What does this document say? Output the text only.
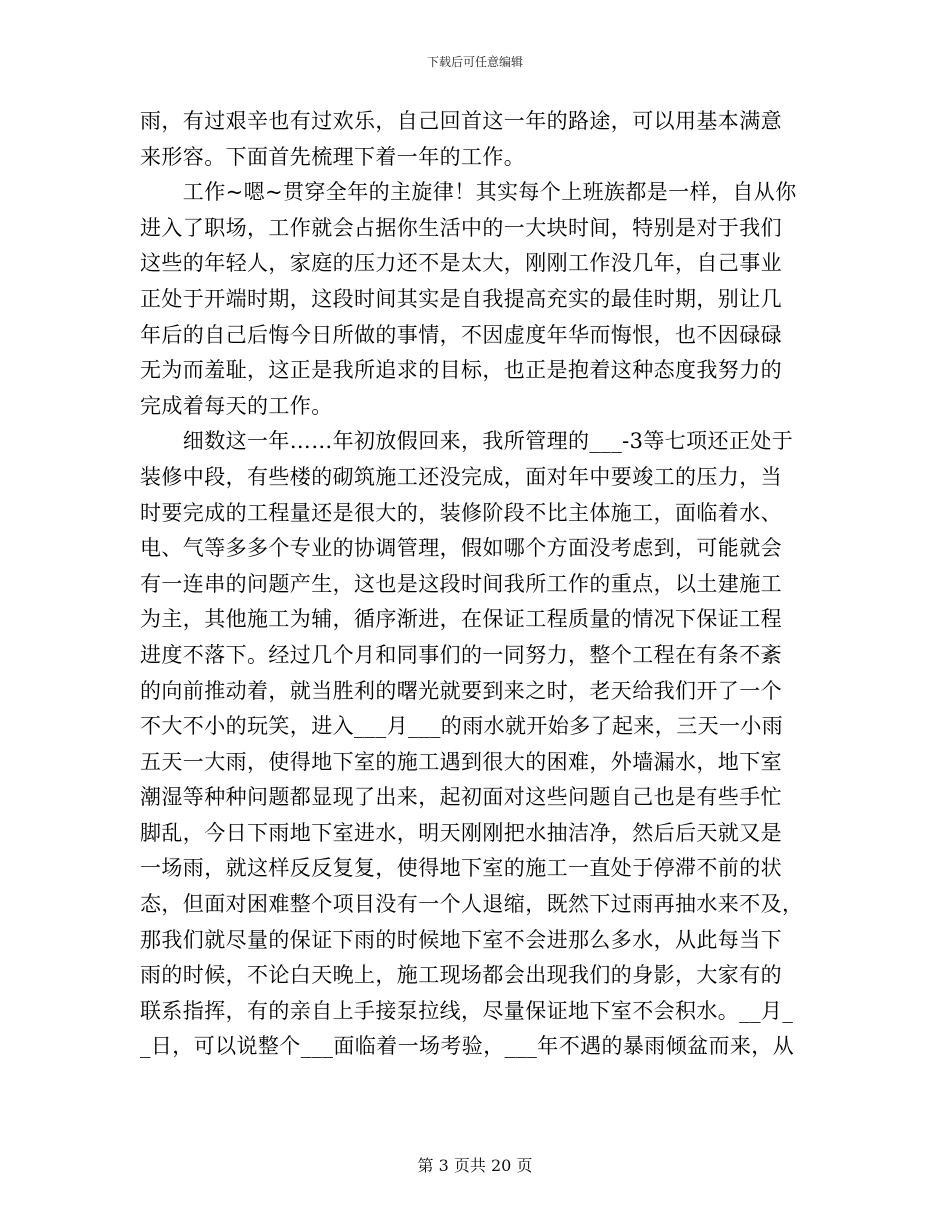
下载后可任意编辑
雨，有过艰辛也有过欢乐，自己回首这一年的路途，可以用基本满意
来形容。下面首先梳理下着一年的工作。
　　工作~嗯~贯穿全年的主旋律！其实每个上班族都是一样，自从你
进入了职场，工作就会占据你生活中的一大块时间，特别是对于我们
这些的年轻人，家庭的压力还不是太大，刚刚工作没几年，自己事业
正处于开端时期，这段时间其实是自我提高充实的最佳时期，别让几
年后的自己后悔今日所做的事情，不因虚度年华而悔恨，也不因碌碌
无为而羞耻，这正是我所追求的目标，也正是抱着这种态度我努力的
完成着每天的工作。
　　细数这一年……年初放假回来，我所管理的___-3等七项还正处于
装修中段，有些楼的砌筑施工还没完成，面对年中要竣工的压力，当
时要完成的工程量还是很大的，装修阶段不比主体施工，面临着水、
电、气等多多个专业的协调管理，假如哪个方面没考虑到，可能就会
有一连串的问题产生，这也是这段时间我所工作的重点，以土建施工
为主，其他施工为辅，循序渐进，在保证工程质量的情况下保证工程
进度不落下。经过几个月和同事们的一同努力，整个工程在有条不紊
的向前推动着，就当胜利的曙光就要到来之时，老天给我们开了一个
不大不小的玩笑，进入___月___的雨水就开始多了起来，三天一小雨
五天一大雨，使得地下室的施工遇到很大的困难，外墙漏水，地下室
潮湿等种种问题都显现了出来，起初面对这些问题自己也是有些手忙
脚乱，今日下雨地下室进水，明天刚刚把水抽洁净，然后后天就又是
一场雨，就这样反反复复，使得地下室的施工一直处于停滞不前的状
态，但面对困难整个项目没有一个人退缩，既然下过雨再抽水来不及，
那我们就尽量的保证下雨的时候地下室不会进那么多水，从此每当下
雨的时候，不论白天晚上，施工现场都会出现我们的身影，大家有的
联系指挥，有的亲自上手接泵拉线，尽量保证地下室不会积水。__月_
_日，可以说整个___面临着一场考验，___年不遇的暴雨倾盆而来，从
第 3 页共 20 页
